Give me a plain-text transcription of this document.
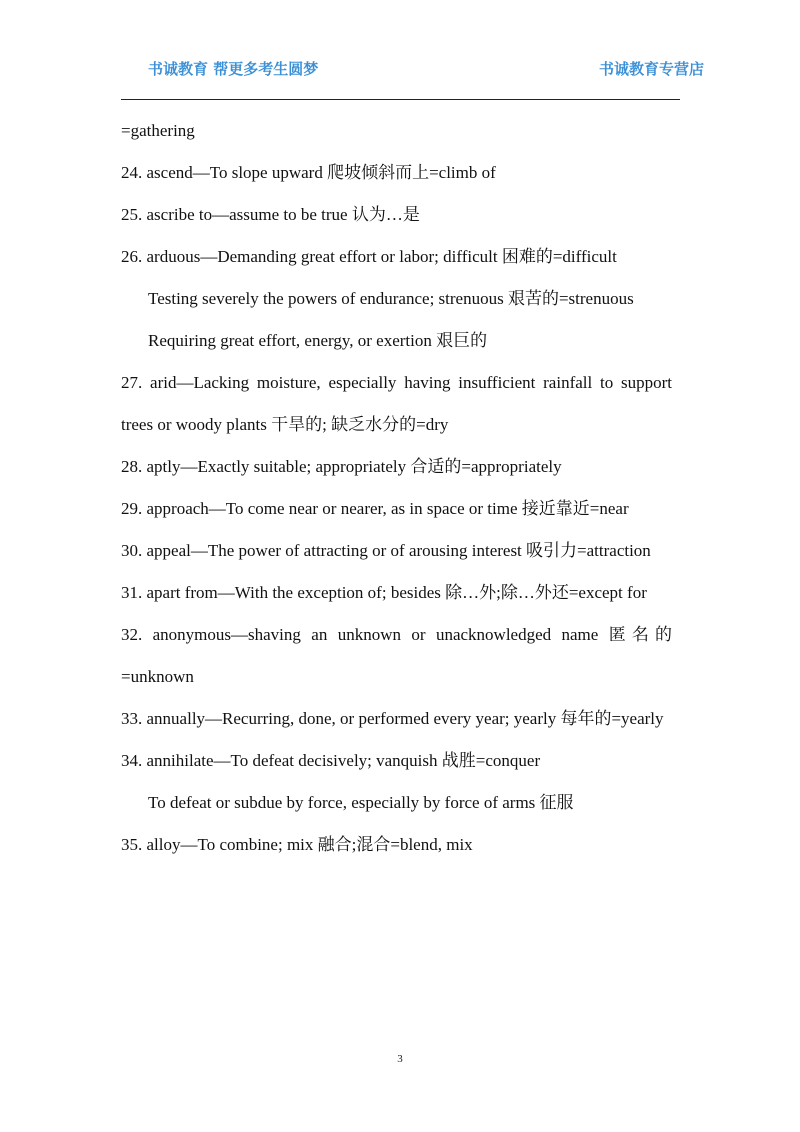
书诚教育 帮更多考生圆梦	书诚教育专营店

=gathering

24. ascend—To slope upward 爬坡倾斜而上=climb of

25. ascribe to—assume to be true 认为…是

26. arduous—Demanding great effort or labor; difficult 困难的=difficult

Testing severely the powers of endurance; strenuous 艰苦的=strenuous

Requiring great effort, energy, or exertion 艰巨的

27. arid—Lacking moisture, especially having insufficient rainfall to support trees or woody plants 干旱的; 缺乏水分的=dry

28. aptly—Exactly suitable; appropriately 合适的=appropriately

29. approach—To come near or nearer, as in space or time 接近靠近=near

30. appeal—The power of attracting or of arousing interest 吸引力=attraction

31. apart from—With the exception of; besides 除…外;除…外还=except for

32. anonymous—shaving an unknown or unacknowledged name 匿名的=unknown

33. annually—Recurring, done, or performed every year; yearly 每年的=yearly

34. annihilate—To defeat decisively; vanquish 战胜=conquer

To defeat or subdue by force, especially by force of arms 征服

35. alloy—To combine; mix 融合;混合=blend, mix

3
